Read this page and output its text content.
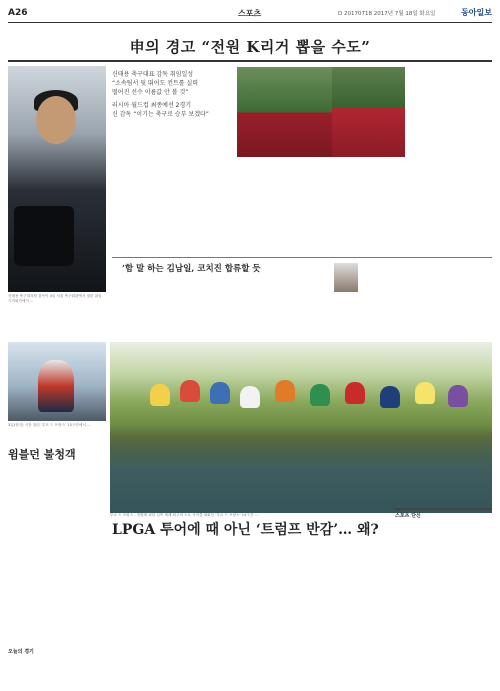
A26	스포츠	D 20170718 2017년 7월 18일 화요일	동아일보
申의 경고 “전원 K리거 뽑을 수도”
신태용 축구대표팀 감독이 4일 서울 축구회관에서 열린 취임 기자회견에서 ...
신태용 축구대표 감독 취임일성
“소속팀서 뒷 뛰어도 컨트롤 실력
떨어진 선수 이름값 안 볼 것”
러시아 월드컵 최종예선 2경기
신 감독 “이기는 축구로 승부 보겠다”
‘함 말 하는 김남일, 코치진 합류할 듯
3일(현지) 시간 열린 ‘투르 드 프랑스’ 15구간에서 ...
윔블던 불청객
투르 드 프랑스 - 전원에 피던 길목 세계 최고의 도로 사이클 대회인 ‘투르 드 프랑스’ 14구간 ...
LPGA 투어에 때 아닌 ‘트럼프 반감’… 왜?
스포츠 단신
오늘의 경기
